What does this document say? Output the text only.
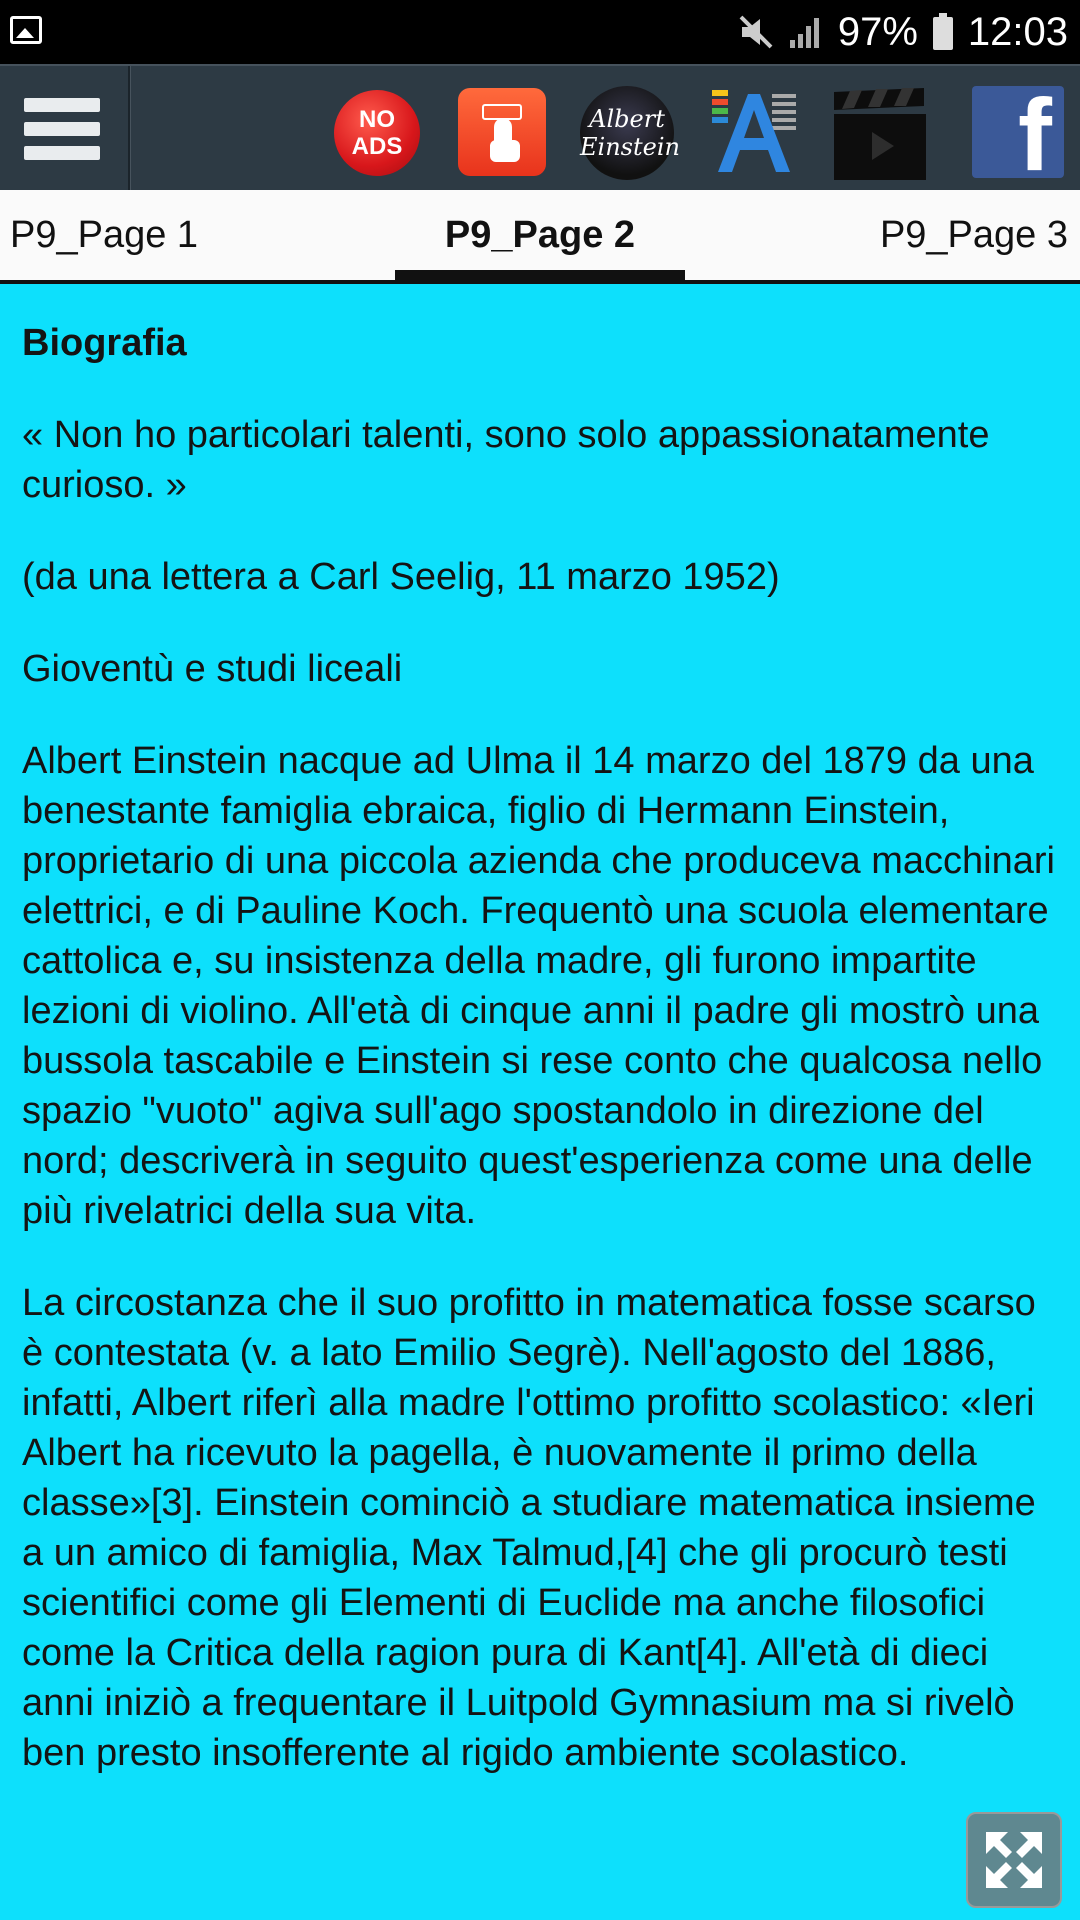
97% 12:03
NO
ADS
Albert
Einstein	f
P9_Page 1	P9_Page 2	P9_Page 3
Biografia

« Non ho particolari talenti, sono solo appassionatamente curioso. »

(da una lettera a Carl Seelig, 11 marzo 1952)

Gioventù e studi liceali

Albert Einstein nacque ad Ulma il 14 marzo del 1879 da una benestante famiglia ebraica, figlio di Hermann Einstein, proprietario di una piccola azienda che produceva macchinari elettrici, e di Pauline Koch. Frequentò una scuola elementare cattolica e, su insistenza della madre, gli furono impartite lezioni di violino. All'età di cinque anni il padre gli mostrò una bussola tascabile e Einstein si rese conto che qualcosa nello spazio "vuoto" agiva sull'ago spostandolo in direzione del nord; descriverà in seguito quest'esperienza come una delle più rivelatrici della sua vita.

La circostanza che il suo profitto in matematica fosse scarso è contestata (v. a lato Emilio Segrè). Nell'agosto del 1886, infatti, Albert riferì alla madre l'ottimo profitto scolastico: «Ieri Albert ha ricevuto la pagella, è nuovamente il primo della classe»[3]. Einstein cominciò a studiare matematica insieme a un amico di famiglia, Max Talmud,[4] che gli procurò testi scientifici come gli Elementi di Euclide ma anche filosofici come la Critica della ragion pura di Kant[4]. All'età di dieci anni iniziò a frequentare il Luitpold Gymnasium ma si rivelò ben presto insofferente al rigido ambiente scolastico.
